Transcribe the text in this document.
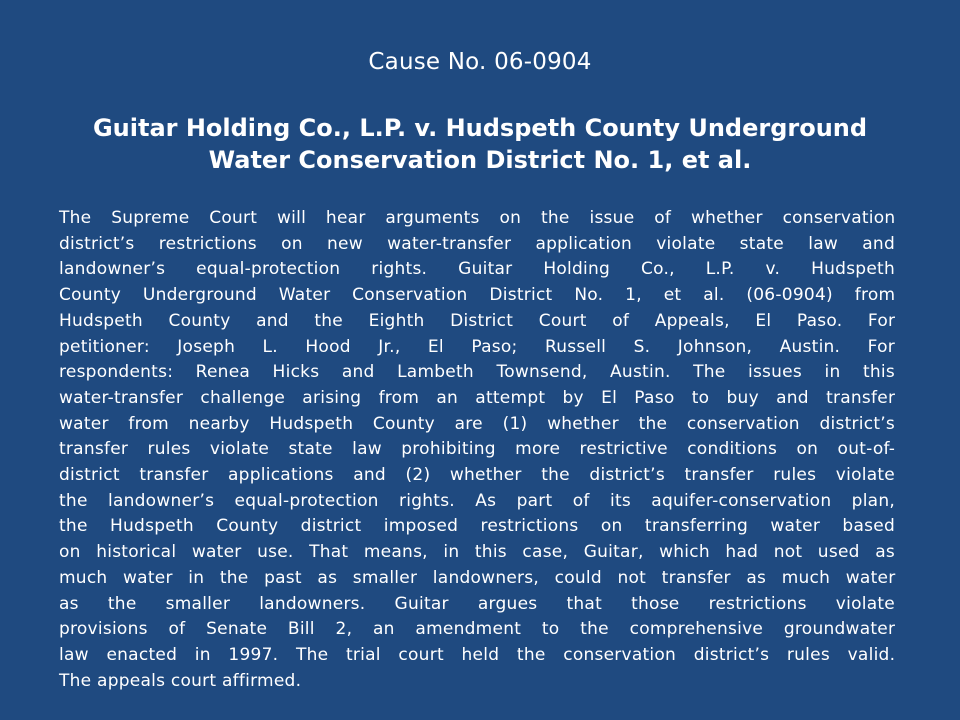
Cause No. 06-0904

Guitar Holding Co., L.P. v. Hudspeth County Underground
Water Conservation District No. 1, et al.
The Supreme Court will hear arguments on the issue of whether conservation
district’s restrictions on new water-transfer application violate state law and
landowner’s equal-protection rights. Guitar Holding Co., L.P. v. Hudspeth
County Underground Water Conservation District No. 1, et al. (06-0904) from
Hudspeth County and the Eighth District Court of Appeals, El Paso. For
petitioner: Joseph L. Hood Jr., El Paso; Russell S. Johnson, Austin. For
respondents: Renea Hicks and Lambeth Townsend, Austin. The issues in this
water-transfer challenge arising from an attempt by El Paso to buy and transfer
water from nearby Hudspeth County are (1) whether the conservation district’s
transfer rules violate state law prohibiting more restrictive conditions on out-of-
district transfer applications and (2) whether the district’s transfer rules violate
the landowner’s equal-protection rights. As part of its aquifer-conservation plan,
the Hudspeth County district imposed restrictions on transferring water based
on historical water use. That means, in this case, Guitar, which had not used as
much water in the past as smaller landowners, could not transfer as much water
as the smaller landowners. Guitar argues that those restrictions violate
provisions of Senate Bill 2, an amendment to the comprehensive groundwater
law enacted in 1997. The trial court held the conservation district’s rules valid.
The appeals court affirmed.
